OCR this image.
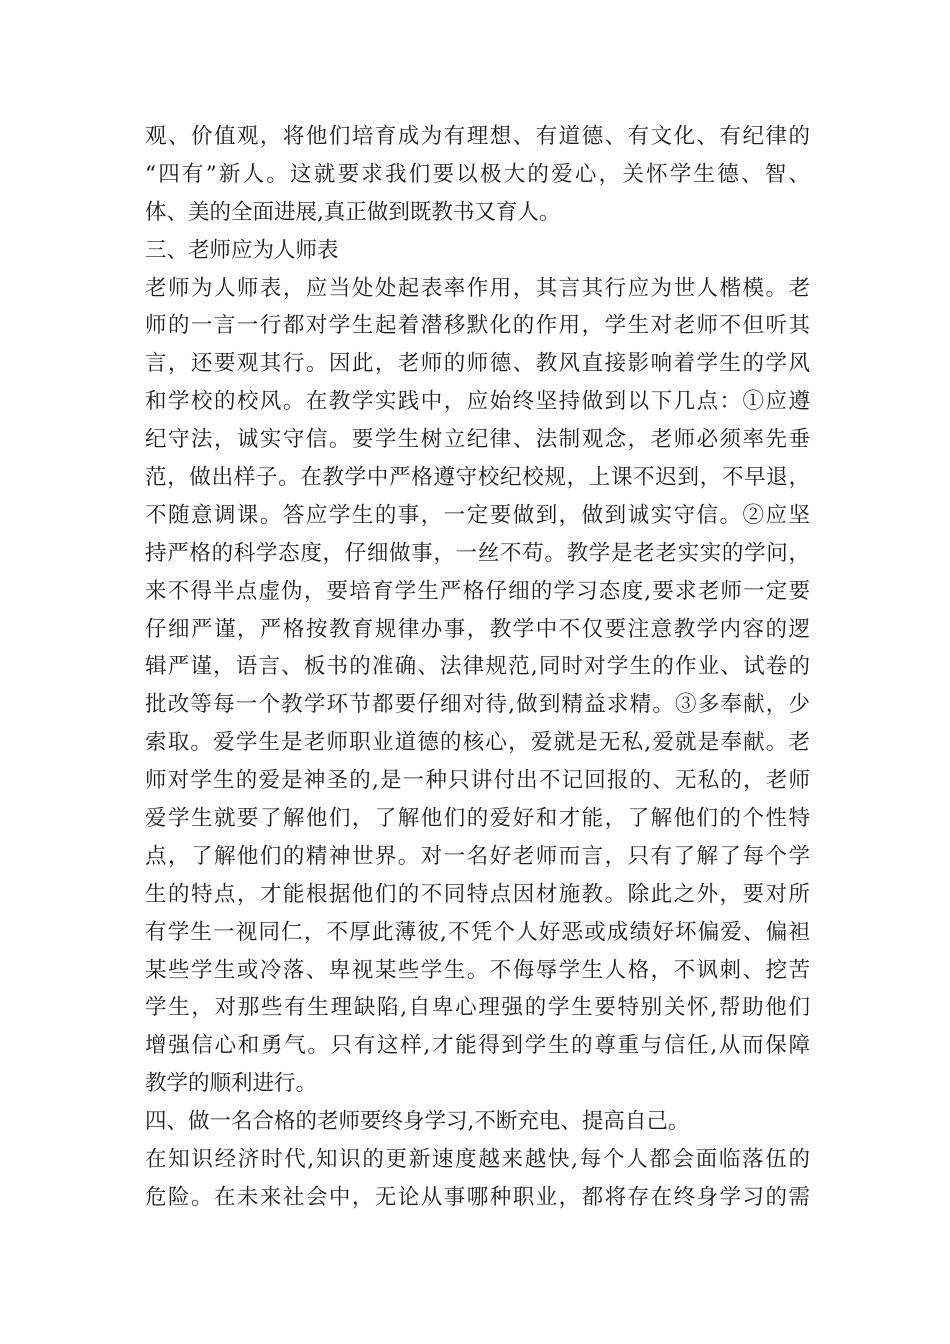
观、价值观，将他们培育成为有理想、有道德、有文化、有纪律的
“四有”新人。这就要求我们要以极大的爱心，关怀学生德、智、
体、美的全面进展,真正做到既教书又育人。
三、老师应为人师表
老师为人师表，应当处处起表率作用，其言其行应为世人楷模。老
师的一言一行都对学生起着潜移默化的作用，学生对老师不但听其
言，还要观其行。因此，老师的师德、教风直接影响着学生的学风
和学校的校风。在教学实践中，应始终坚持做到以下几点：①应遵
纪守法，诚实守信。要学生树立纪律、法制观念，老师必须率先垂
范，做出样子。在教学中严格遵守校纪校规，上课不迟到，不早退，
不随意调课。答应学生的事，一定要做到，做到诚实守信。②应坚
持严格的科学态度，仔细做事，一丝不苟。教学是老老实实的学问，
来不得半点虚伪，要培育学生严格仔细的学习态度,要求老师一定要
仔细严谨，严格按教育规律办事，教学中不仅要注意教学内容的逻
辑严谨，语言、板书的准确、法律规范,同时对学生的作业、试卷的
批改等每一个教学环节都要仔细对待,做到精益求精。③多奉献，少
索取。爱学生是老师职业道德的核心，爱就是无私,爱就是奉献。老
师对学生的爱是神圣的,是一种只讲付出不记回报的、无私的，老师
爱学生就要了解他们，了解他们的爱好和才能，了解他们的个性特
点，了解他们的精神世界。对一名好老师而言，只有了解了每个学
生的特点，才能根据他们的不同特点因材施教。除此之外，要对所
有学生一视同仁，不厚此薄彼,不凭个人好恶或成绩好坏偏爱、偏袒
某些学生或冷落、卑视某些学生。不侮辱学生人格，不讽刺、挖苦
学生，对那些有生理缺陷,自卑心理强的学生要特别关怀,帮助他们
增强信心和勇气。只有这样,才能得到学生的尊重与信任,从而保障
教学的顺利进行。
四、做一名合格的老师要终身学习,不断充电、提高自己。
在知识经济时代,知识的更新速度越来越快,每个人都会面临落伍的
危险。在未来社会中，无论从事哪种职业，都将存在终身学习的需
